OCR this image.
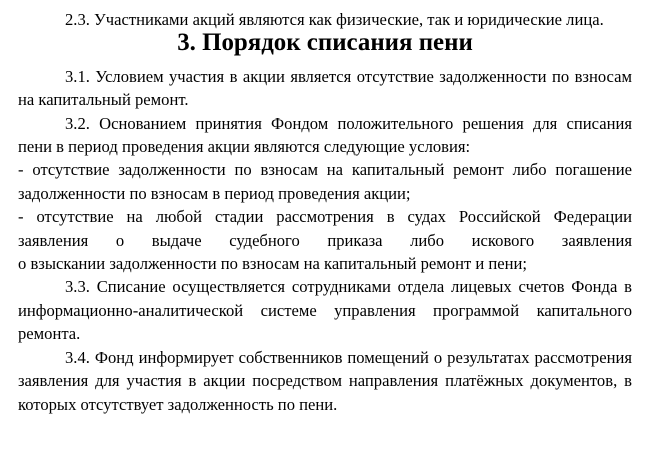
2.3. Участниками акций являются как физические, так и юридические лица.

3. Порядок списания пени

3.1. Условием участия в акции является отсутствие задолженности по взносам на капитальный ремонт.

3.2. Основанием принятия Фондом положительного решения для списания пени в период проведения акции являются следующие условия:

- отсутствие задолженности по взносам на капитальный ремонт либо погашение задолженности по взносам в период проведения акции;

- отсутствие на любой стадии рассмотрения в судах Российской Федерации

заявления о выдаче судебного приказа либо искового заявления

о взыскании задолженности по взносам на капитальный ремонт и пени;

3.3. Списание осуществляется сотрудниками отдела лицевых счетов Фонда в информационно-аналитической системе управления программой капитального ремонта.

3.4. Фонд информирует собственников помещений о результатах рассмотрения заявления для участия в акции посредством направления платёжных документов, в которых отсутствует задолженность по пени.
